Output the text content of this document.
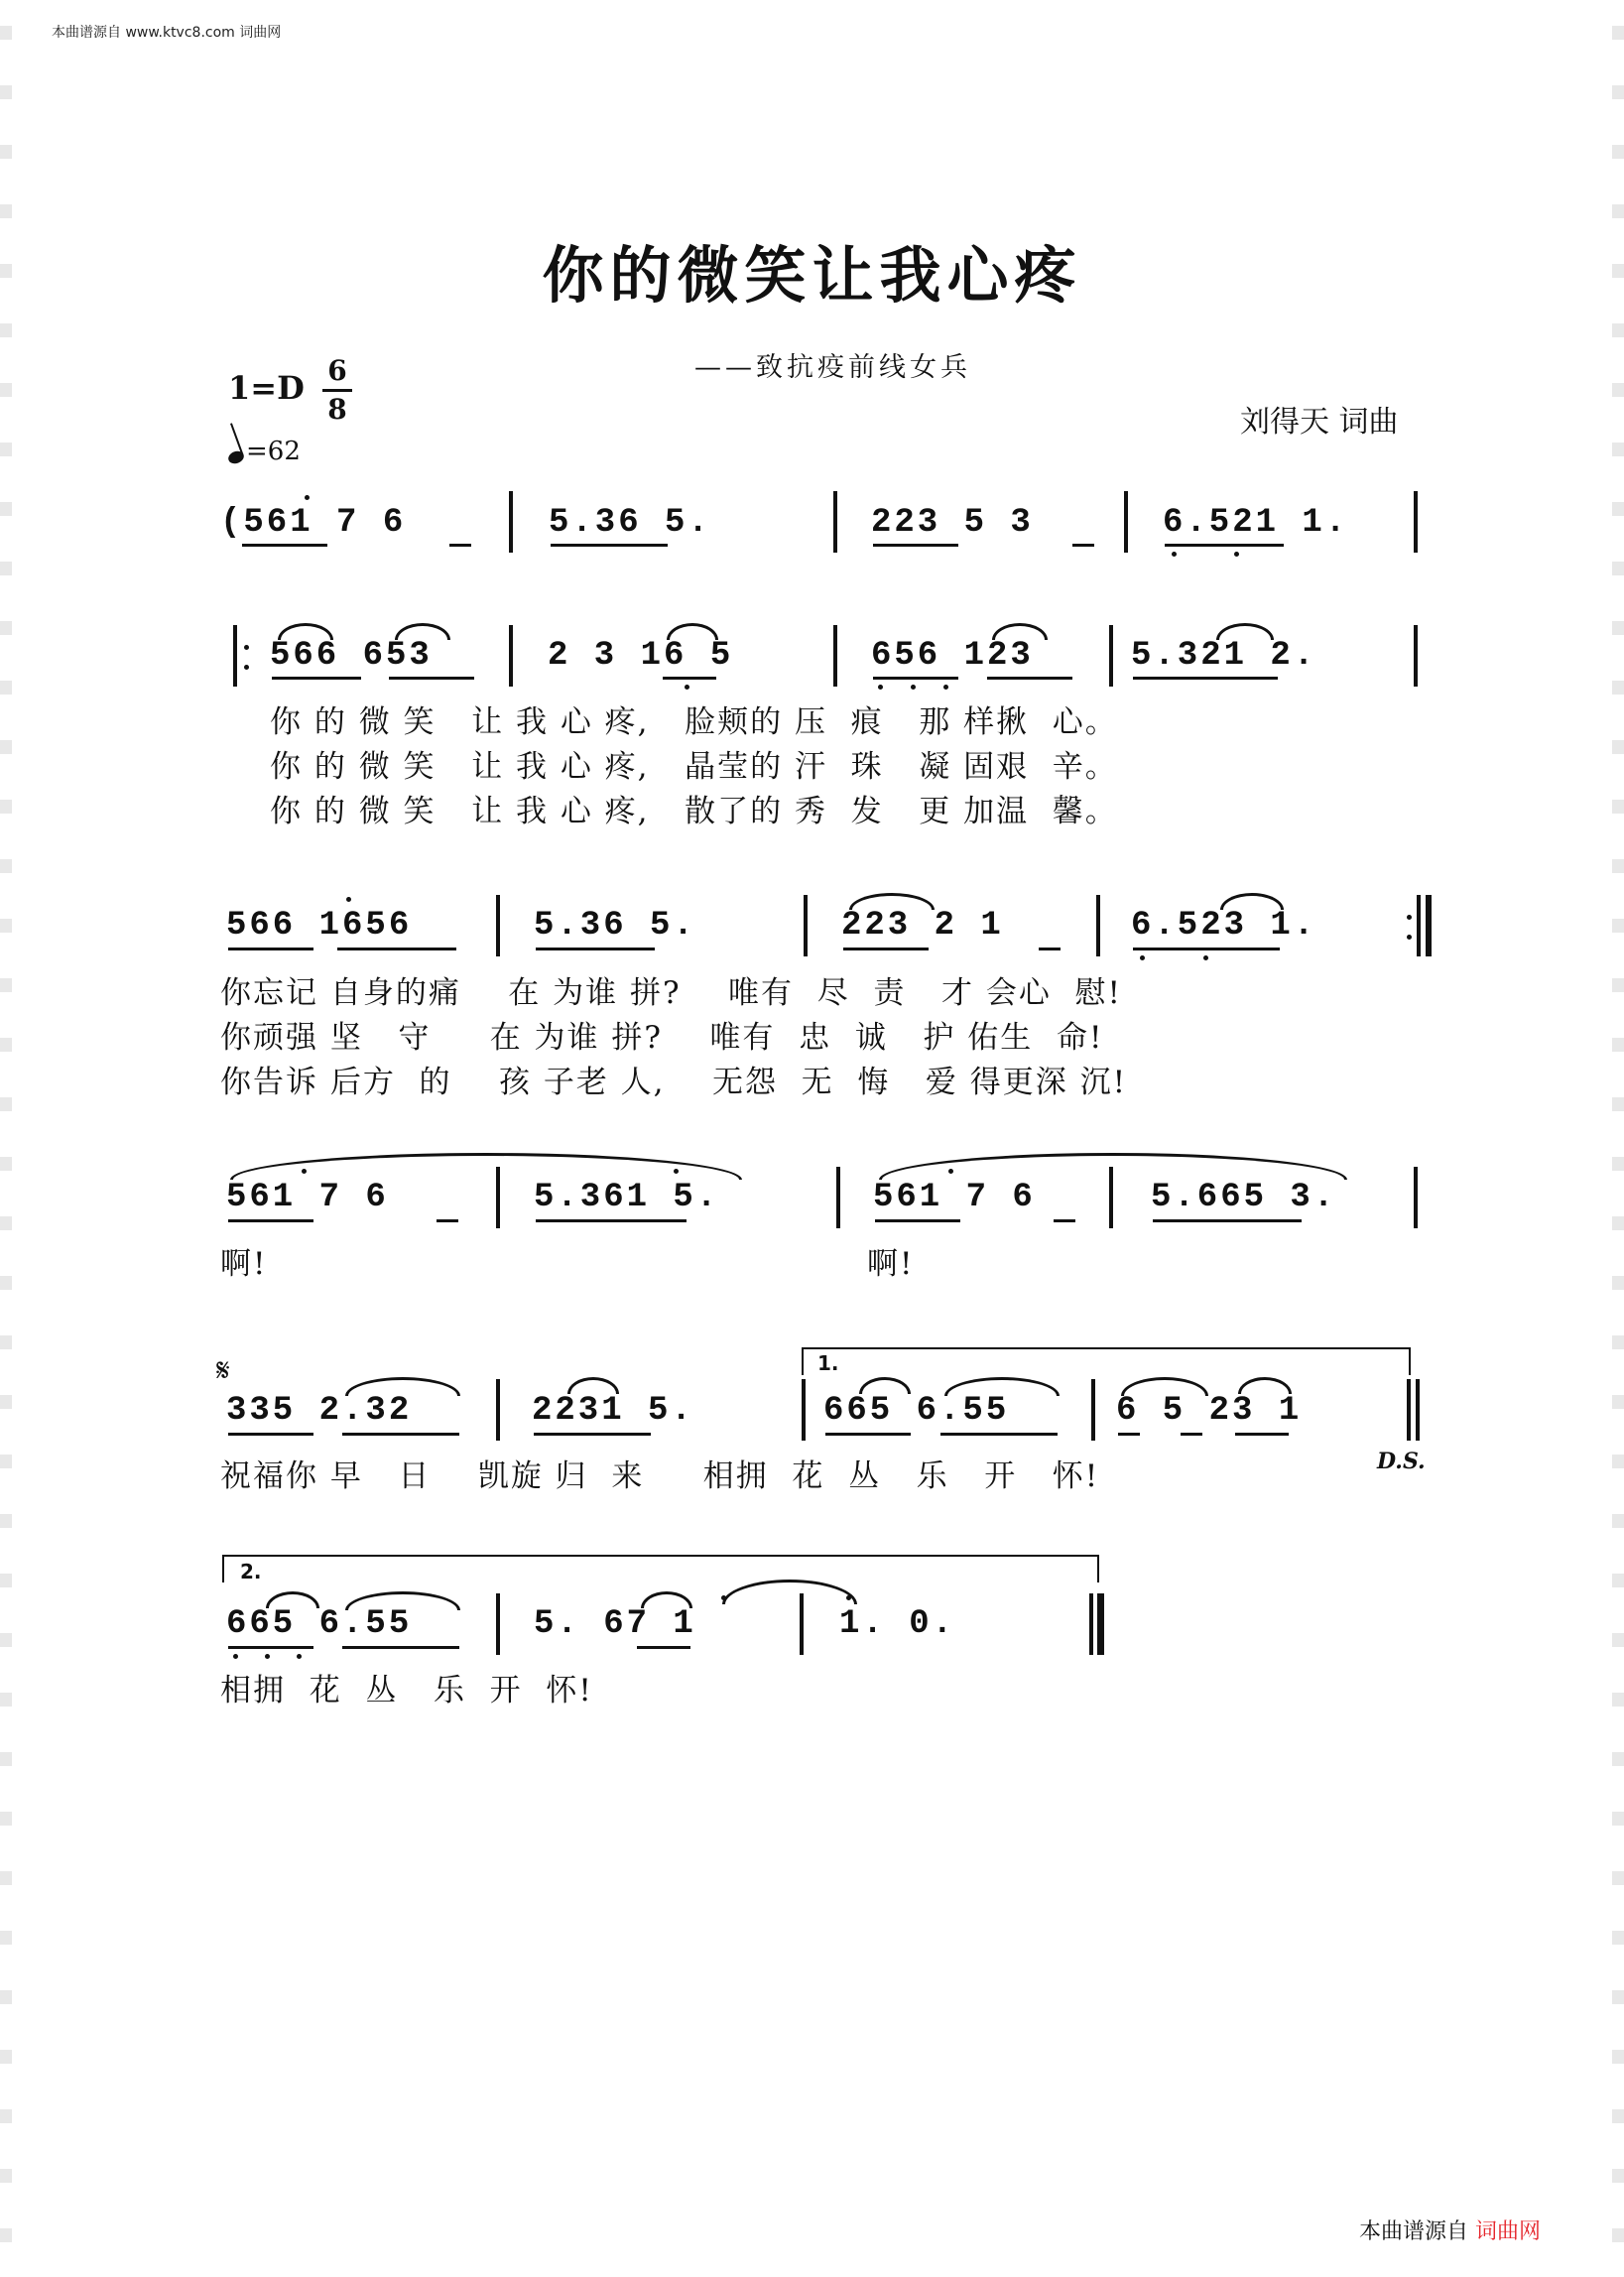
本曲谱源自 www.ktvc8.com 词曲网
你的微笑让我心疼
——致抗疫前线女兵
1=D 6
8
=62
刘得天 词曲
(561 7 6	5.36 5.	223 5 3	6.521 1.
566 653	2 3 16 5	656 123	5.321 2.
你 的 微 笑   让 我 心 疼,   脸颊的 压  痕   那 样揪  心。
你 的 微 笑   让 我 心 疼,   晶莹的 汗  珠   凝 固艰  辛。
你 的 微 笑   让 我 心 疼,   散了的 秀  发   更 加温  馨。
566 1656	5.36 5.	223 2 1	6.523 1.
你忘记 自身的痛    在 为谁 拼?    唯有  尽  责   才 会心  慰!
你顽强 坚   守     在 为谁 拼?    唯有  忠  诚   护 佑生  命!
你告诉 后方  的    孩 子老 人,    无怨  无  悔   爱 得更深 沉!
561 7 6	5.361 5.	561 7 6	5.665 3.
啊!	啊!
𝄋	1.
335 2.32	2231 5.	665 6.55	6 5 23 1
祝福你 早   日    凯旋 归  来     相拥  花  丛   乐   开   怀!	D.S.
2.
665 6.55	5. 67 1	1. 0.
相拥  花  丛   乐  开  怀!
本曲谱源自 词曲网
